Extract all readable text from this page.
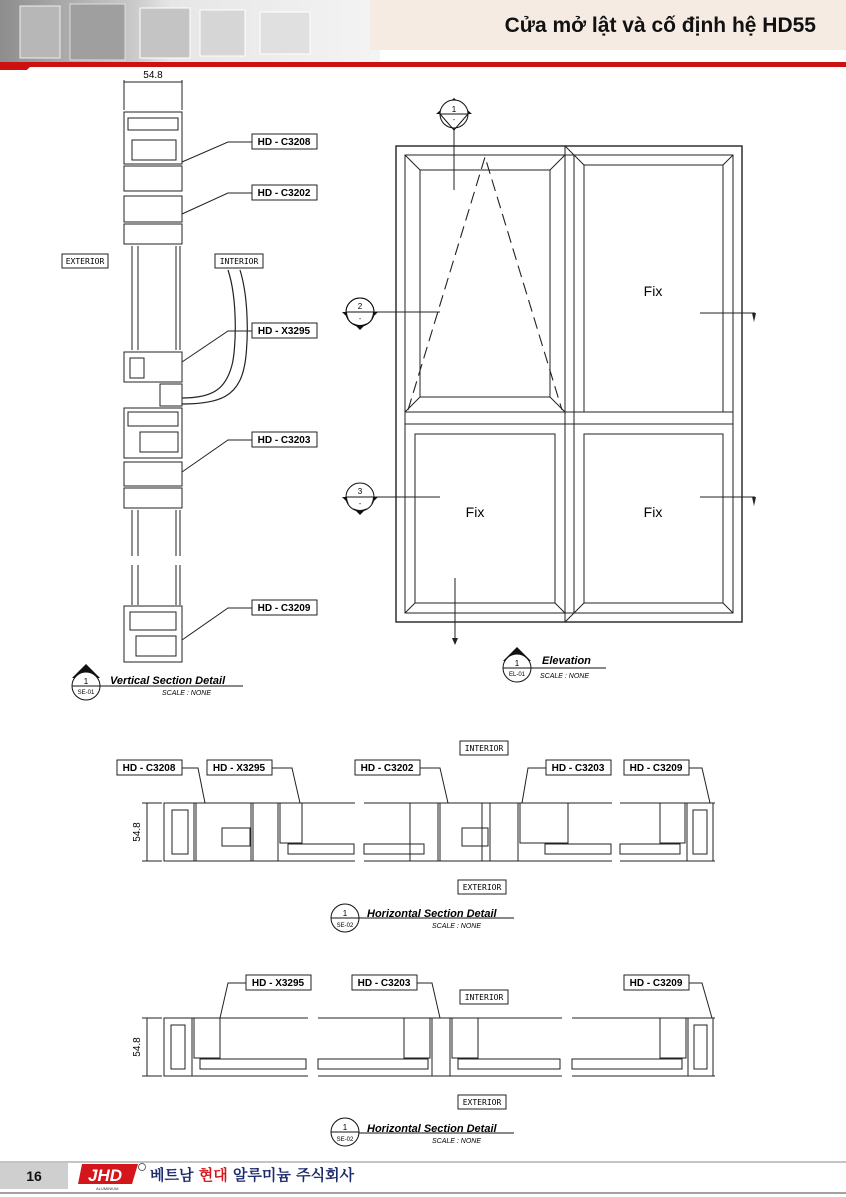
Cửa mở lật và cố định hệ HD55
54.8
EXTERIOR	INTERIOR
HD - C3208
HD - C3202
HD - X3295
HD - C3203
HD - C3209
1
SE-01
Vertical Section Detail
SCALE : NONE
1
-
2
-
3
-
Fix
Fix	Fix
1
EL-01
Elevation
SCALE : NONE
54.8
HD - C3208	HD - X3295	HD - C3202	HD - C3203	HD - C3209
INTERIOR
EXTERIOR
1
SE-02
Horizontal Section Detail
SCALE : NONE
54.8
HD - X3295	HD - C3203	HD - C3209
INTERIOR
EXTERIOR
1
SE-02
Horizontal Section Detail
SCALE : NONE
16	JHD
ALUMINIUM
베트남 현대 알루미늄 주식회사
